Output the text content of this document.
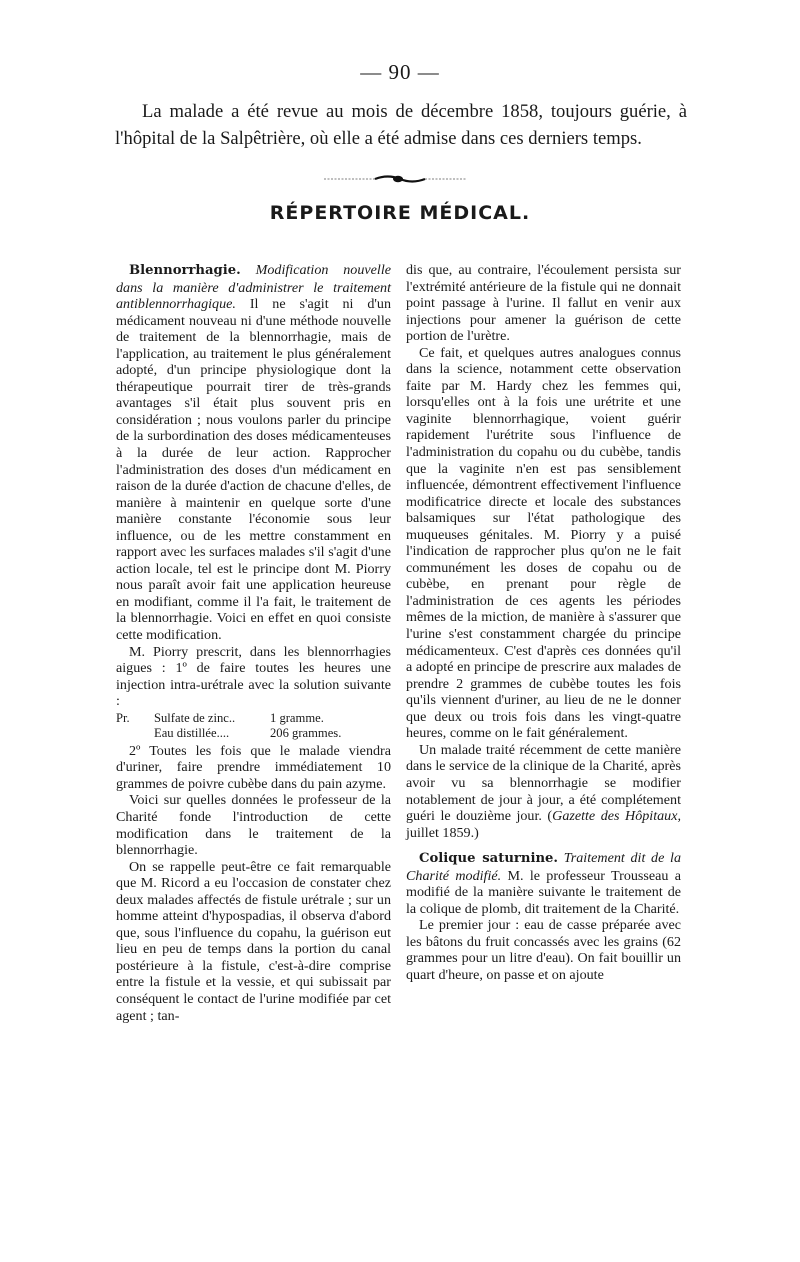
— 90 —
La malade a été revue au mois de décembre 1858, toujours guérie, à l'hôpital de la Salpêtrière, où elle a été admise dans ces derniers temps.
RÉPERTOIRE MÉDICAL.

Blennorrhagie. Modification nouvelle dans la manière d'administrer le traitement antiblennorrhagique. Il ne s'agit ni d'un médicament nouveau ni d'une méthode nouvelle de traitement de la blennorrhagie, mais de l'application, au traitement le plus généralement adopté, d'un principe physiologique dont la thérapeutique pourrait tirer de très-grands avantages s'il était plus souvent pris en considération ; nous voulons parler du principe de la surbordination des doses médicamenteuses à la durée de leur action. Rapprocher l'administration des doses d'un médicament en raison de la durée d'action de chacune d'elles, de manière à maintenir en quelque sorte d'une manière constante l'économie sous leur influence, ou de les mettre constamment en rapport avec les surfaces malades s'il s'agit d'une action locale, tel est le principe dont M. Piorry nous paraît avoir fait une application heureuse en modifiant, comme il l'a fait, le traitement de la blennorrhagie. Voici en effet en quoi consiste cette modification.

M. Piorry prescrit, dans les blennorrhagies aigues : 1º de faire toutes les heures une injection intra-urétrale avec la solution suivante :

Pr.	Sulfate de zinc..	1 gramme.
Eau distillée....	206 grammes.

2º Toutes les fois que le malade viendra d'uriner, faire prendre immédiatement 10 grammes de poivre cubèbe dans du pain azyme.

Voici sur quelles données le professeur de la Charité fonde l'introduction de cette modification dans le traitement de la blennorrhagie.

On se rappelle peut-être ce fait remarquable que M. Ricord a eu l'occasion de constater chez deux malades affectés de fistule urétrale ; sur un homme atteint d'hypospadias, il observa d'abord que, sous l'influence du copahu, la guérison eut lieu en peu de temps dans la portion du canal postérieure à la fistule, c'est-à-dire comprise entre la fistule et la vessie, et qui subissait par conséquent le contact de l'urine modifiée par cet agent ; tan-

dis que, au contraire, l'écoulement persista sur l'extrémité antérieure de la fistule qui ne donnait point passage à l'urine. Il fallut en venir aux injections pour amener la guérison de cette portion de l'urètre.

Ce fait, et quelques autres analogues connus dans la science, notamment cette observation faite par M. Hardy chez les femmes qui, lorsqu'elles ont à la fois une urétrite et une vaginite blennorrhagique, voient guérir rapidement l'urétrite sous l'influence de l'administration du copahu ou du cubèbe, tandis que la vaginite n'en est pas sensiblement influencée, démontrent effectivement l'influence modificatrice directe et locale des substances balsamiques sur l'état pathologique des muqueuses génitales. M. Piorry y a puisé l'indication de rapprocher plus qu'on ne le fait communément les doses de copahu ou de cubèbe, en prenant pour règle de l'administration de ces agents les périodes mêmes de la miction, de manière à s'assurer que l'urine s'est constamment chargée du principe médicamenteux. C'est d'après ces données qu'il a adopté en principe de prescrire aux malades de prendre 2 grammes de cubèbe toutes les fois qu'ils viennent d'uriner, au lieu de ne le donner que deux ou trois fois dans les vingt-quatre heures, comme on le fait généralement.

Un malade traité récemment de cette manière dans le service de la clinique de la Charité, après avoir vu sa blennorrhagie se modifier notablement de jour à jour, a été complétement guéri le douzième jour. (Gazette des Hôpitaux, juillet 1859.)

Colique saturnine. Traitement dit de la Charité modifié. M. le professeur Trousseau a modifié de la manière suivante le traitement de la colique de plomb, dit traitement de la Charité.

Le premier jour : eau de casse préparée avec les bâtons du fruit concassés avec les grains (62 grammes pour un litre d'eau). On fait bouillir un quart d'heure, on passe et on ajoute
